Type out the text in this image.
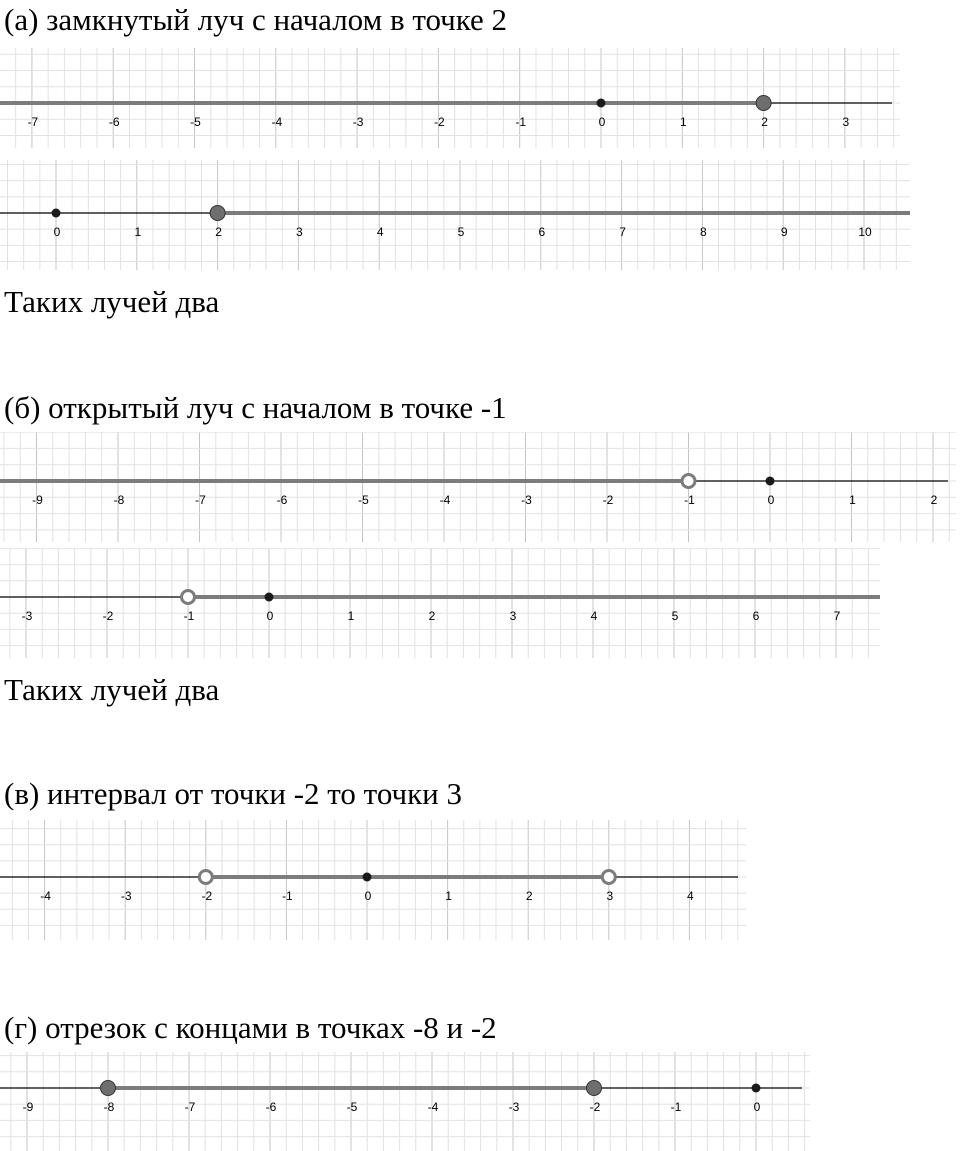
(а) замкнутый луч с началом в точке 2
-7	-6	-5	-4	-3	-2	-1	0	1	2	3
0	1	2	3	4	5	6	7	8	9	10
Таких лучей два
(б) открытый луч с началом в точке -1
-9	-8	-7	-6	-5	-4	-3	-2	-1	0	1	2
-3	-2	-1	0	1	2	3	4	5	6	7
Таких лучей два
(в) интервал от точки -2 то точки 3
-4	-3	-2	-1	0	1	2	3	4
(г) отрезок с концами в точках -8 и -2
-9	-8	-7	-6	-5	-4	-3	-2	-1	0
